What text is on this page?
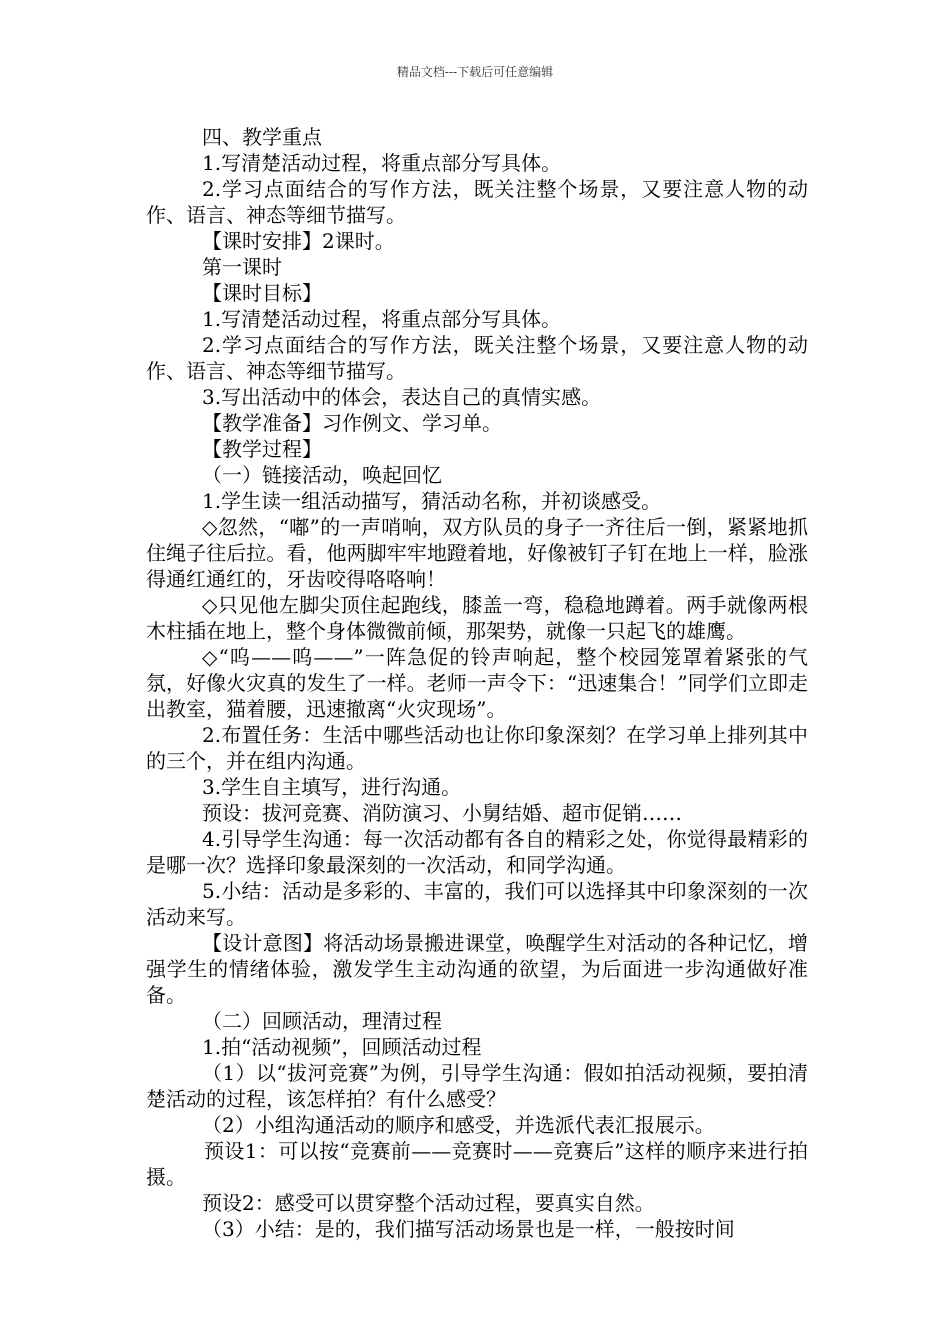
精品文档---下载后可任意编辑

四、教学重点

1.写清楚活动过程，将重点部分写具体。

2.学习点面结合的写作方法，既关注整个场景，又要注意人物的动作、语言、神态等细节描写。

【课时安排】2课时。

第一课时

【课时目标】

1.写清楚活动过程，将重点部分写具体。

2.学习点面结合的写作方法，既关注整个场景，又要注意人物的动作、语言、神态等细节描写。

3.写出活动中的体会，表达自己的真情实感。

【教学准备】习作例文、学习单。

【教学过程】

（一）链接活动，唤起回忆

1.学生读一组活动描写，猜活动名称，并初谈感受。

◇忽然，“嘟”的一声哨响，双方队员的身子一齐往后一倒，紧紧地抓住绳子往后拉。看，他两脚牢牢地蹬着地，好像被钉子钉在地上一样，脸涨得通红通红的，牙齿咬得咯咯响！

◇只见他左脚尖顶住起跑线，膝盖一弯，稳稳地蹲着。两手就像两根木柱插在地上，整个身体微微前倾，那架势，就像一只起飞的雄鹰。

◇“呜——呜——”一阵急促的铃声响起，整个校园笼罩着紧张的气氛，好像火灾真的发生了一样。老师一声令下：“迅速集合！”同学们立即走出教室，猫着腰，迅速撤离“火灾现场”。

2.布置任务：生活中哪些活动也让你印象深刻？在学习单上排列其中的三个，并在组内沟通。

3.学生自主填写，进行沟通。

预设：拔河竞赛、消防演习、小舅结婚、超市促销……

4.引导学生沟通：每一次活动都有各自的精彩之处，你觉得最精彩的是哪一次？选择印象最深刻的一次活动，和同学沟通。

5.小结：活动是多彩的、丰富的，我们可以选择其中印象深刻的一次活动来写。

【设计意图】将活动场景搬进课堂，唤醒学生对活动的各种记忆，增强学生的情绪体验，激发学生主动沟通的欲望，为后面进一步沟通做好准备。

（二）回顾活动，理清过程

1.拍“活动视频”，回顾活动过程

（1）以“拔河竞赛”为例，引导学生沟通：假如拍活动视频，要拍清楚活动的过程，该怎样拍？有什么感受？

（2）小组沟通活动的顺序和感受，并选派代表汇报展示。

预设1：可以按“竞赛前——竞赛时——竞赛后”这样的顺序来进行拍摄。

预设2：感受可以贯穿整个活动过程，要真实自然。

（3）小结：是的，我们描写活动场景也是一样，一般按时间
